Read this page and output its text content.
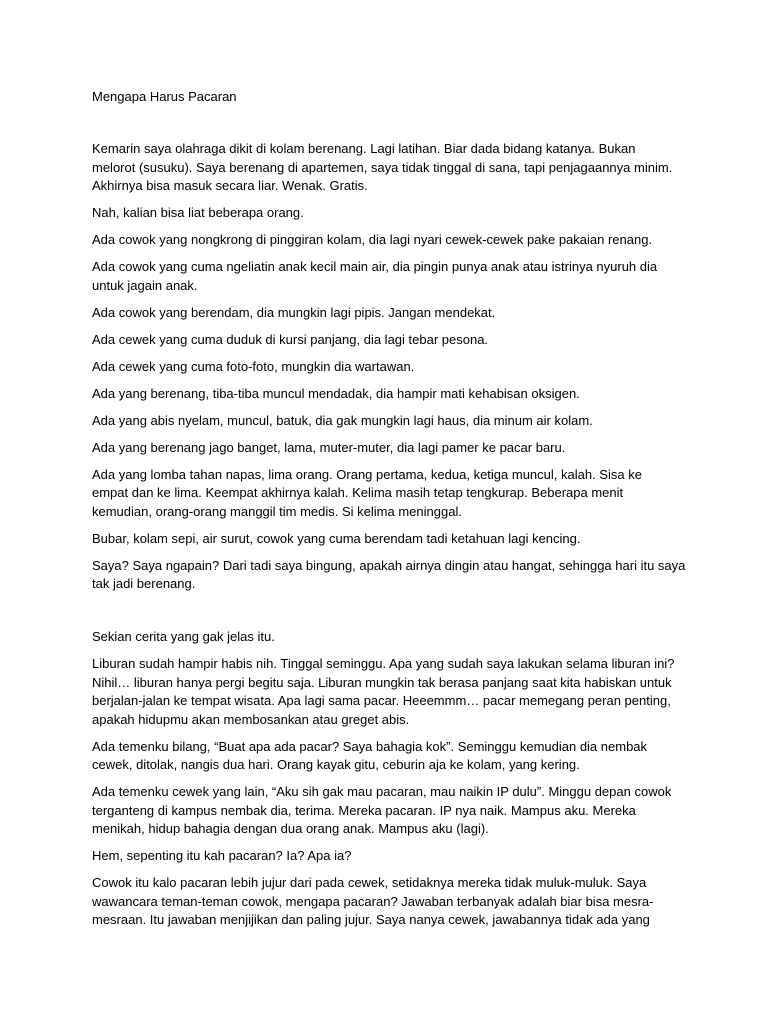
Mengapa Harus Pacaran
Kemarin saya olahraga dikit di kolam berenang. Lagi latihan. Biar dada bidang katanya. Bukan
melorot (susuku). Saya berenang di apartemen, saya tidak tinggal di sana, tapi penjagaannya minim.
Akhirnya bisa masuk secara liar. Wenak. Gratis.
Nah, kalian bisa liat beberapa orang.
Ada cowok yang nongkrong di pinggiran kolam, dia lagi nyari cewek-cewek pake pakaian renang.
Ada cowok yang cuma ngeliatin anak kecil main air, dia pingin punya anak atau istrinya nyuruh dia
untuk jagain anak.
Ada cowok yang berendam, dia mungkin lagi pipis. Jangan mendekat.
Ada cewek yang cuma duduk di kursi panjang, dia lagi tebar pesona.
Ada cewek yang cuma foto-foto, mungkin dia wartawan.
Ada yang berenang, tiba-tiba muncul mendadak, dia hampir mati kehabisan oksigen.
Ada yang abis nyelam, muncul, batuk, dia gak mungkin lagi haus, dia minum air kolam.
Ada yang berenang jago banget, lama, muter-muter, dia lagi pamer ke pacar baru.
Ada yang lomba tahan napas, lima orang. Orang pertama, kedua, ketiga muncul, kalah. Sisa ke
empat dan ke lima. Keempat akhirnya kalah. Kelima masih tetap tengkurap. Beberapa menit
kemudian, orang-orang manggil tim medis. Si kelima meninggal.
Bubar, kolam sepi, air surut, cowok yang cuma berendam tadi ketahuan lagi kencing.
Saya? Saya ngapain? Dari tadi saya bingung, apakah airnya dingin atau hangat, sehingga hari itu saya
tak jadi berenang.
Sekian cerita yang gak jelas itu.
Liburan sudah hampir habis nih. Tinggal seminggu. Apa yang sudah saya lakukan selama liburan ini?
Nihil… liburan hanya pergi begitu saja. Liburan mungkin tak berasa panjang saat kita habiskan untuk
berjalan-jalan ke tempat wisata. Apa lagi sama pacar. Heeemmm… pacar memegang peran penting,
apakah hidupmu akan membosankan atau greget abis.
Ada temenku bilang, “Buat apa ada pacar? Saya bahagia kok”. Seminggu kemudian dia nembak
cewek, ditolak, nangis dua hari. Orang kayak gitu, ceburin aja ke kolam, yang kering.
Ada temenku cewek yang lain, “Aku sih gak mau pacaran, mau naikin IP dulu”. Minggu depan cowok
terganteng di kampus nembak dia, terima. Mereka pacaran. IP nya naik. Mampus aku. Mereka
menikah, hidup bahagia dengan dua orang anak. Mampus aku (lagi).
Hem, sepenting itu kah pacaran? Ia? Apa ia?
Cowok itu kalo pacaran lebih jujur dari pada cewek, setidaknya mereka tidak muluk-muluk. Saya
wawancara teman-teman cowok, mengapa pacaran? Jawaban terbanyak adalah biar bisa mesra-
mesraan. Itu jawaban menjijikan dan paling jujur. Saya nanya cewek, jawabannya tidak ada yang
